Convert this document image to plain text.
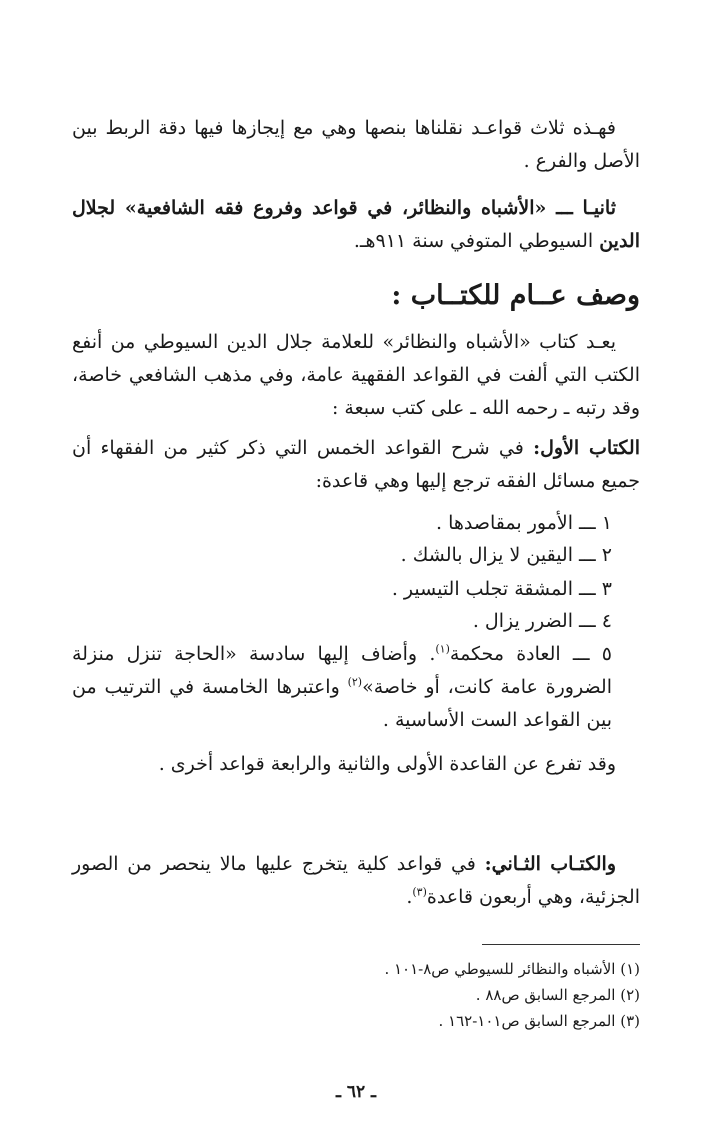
فهـذه ثلاث قواعـد نقلناها بنصها وهي مع إيجازها فيها دقة الربط بين الأصل والفرع .
ثانيـا ـــ «الأشباه والنظائر، في قواعد وفروع فقه الشافعية» لجلال الدين السيوطي المتوفي سنة ٩١١هـ.
وصف عــام للكتــاب :
يعـد كتاب «الأشباه والنظائر» للعلامة جلال الدين السيوطي من أنفع الكتب التي ألفت في القواعد الفقهية عامة، وفي مذهب الشافعي خاصة، وقد رتبه ـ رحمه الله ـ على كتب سبعة :
الكتاب الأول: في شرح القواعد الخمس التي ذكر كثير من الفقهاء أن جميع مسائل الفقه ترجع إليها وهي قاعدة:
١ ـــ الأمور بمقاصدها .
٢ ـــ اليقين لا يزال بالشك .
٣ ـــ المشقة تجلب التيسير .
٤ ـــ الضرر يزال .
٥ ـــ العادة محكمة$^{(١)}$. وأضاف إليها سادسة «الحاجة تنزل منزلة الضرورة عامة كانت، أو خاصة»$^{(٢)}$ واعتبرها الخامسة في الترتيب من بين القواعد الست الأساسية .
وقد تفرع عن القاعدة الأولى والثانية والرابعة قواعد أخرى .
والكتـاب الثـاني: في قواعد كلية يتخرج عليها مالا ينحصر من الصور الجزئية، وهي أربعون قاعدة$^{(٣)}$.
(١) الأشباه والنظائر للسيوطي ص٨-١٠١ .
(٢) المرجع السابق ص٨٨ .
(٣) المرجع السابق ص١٠١-١٦٢ .
ـ ٦٢ ـ
